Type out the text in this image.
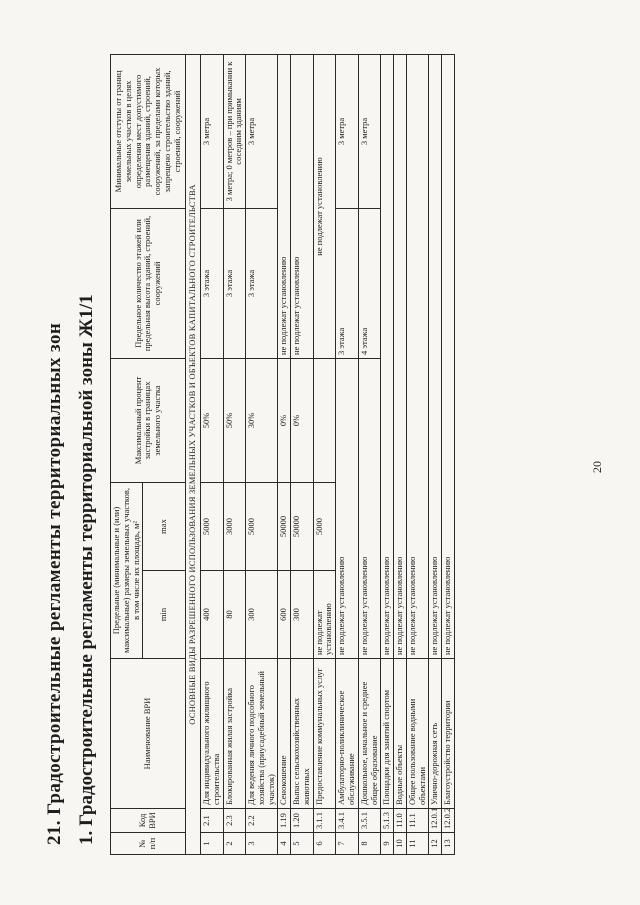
21. Градостроительные регламенты территориальных зон 1. Градостроительные регламенты территориальной зоны Ж1/1	№ п/п	Код ВРИ	Наименование ВРИ	Предельные (минимальные и (или) максимальные) размеры земельных участков, в том числе их площадь, м²		Максимальный процент застройки в границах земельного участка	Предельное количество этажей или предельная высота зданий, строений, сооружений	Минимальные отступы от границ земельных участков в целях определения мест допустимого размещения зданий, строений, сооружений, за пределами которых запрещено строительство зданий, строений, сооружений
			min	max			
ОСНОВНЫЕ ВИДЫ РАЗРЕШЕННОГО ИСПОЛЬЗОВАНИЯ ЗЕМЕЛЬНЫХ УЧАСТКОВ И ОБЪЕКТОВ КАПИТАЛЬНОГО СТРОИТЕЛЬСТВА							
1	2.1	Для индивидуального жилищного строительства	400	5000	50%	3 этажа	3 метра
2	2.3	Блокированная жилая застройка	80	3000	50%	3 этажа	3 метра; 0 метров – при примыкании к соседним зданиям
3	2.2	Для ведения личного подсобного хозяйства (приусадебный земельный участок)	300	5000	30%	3 этажа	3 метра
4	1.19	Сенокошение	600	50000	0%	не подлежат установлению	
5	1.20	Выпас сельскохозяйственных животных	300	50000	0%	не подлежат установлению	
6	3.1.1	Предоставление коммунальных услуг	не подлежат установлению	5000		не подлежат установлению	
7	3.4.1	Амбулаторно-поликлиническое обслуживание	не подлежат установлению			3 этажа	3 метра
8	3.5.1	Дошкольное, начальное и среднее общее образование	не подлежат установлению			4 этажа	3 метра
9	5.1.3	Площадки для занятий спортом	не подлежат установлению				
10	11.0	Водные объекты	не подлежат установлению				
11	11.1	Общее пользование водными объектами	не подлежат установлению				
12	12.0.1	Улично-дорожная сеть	не подлежат установлению				
13	12.0.2	Благоустройство территории	не подлежат установлению				
20
